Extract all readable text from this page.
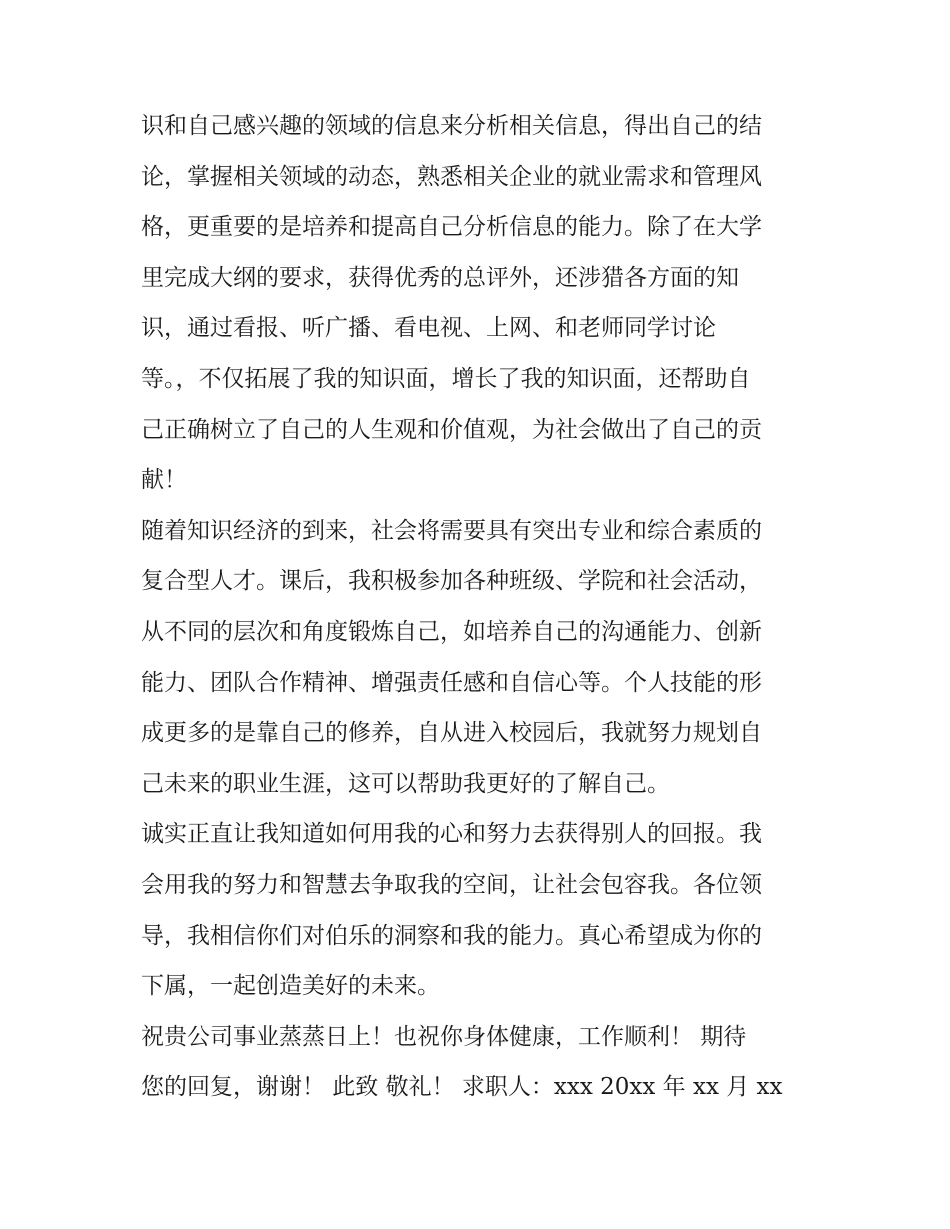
识和自己感兴趣的领域的信息来分析相关信息，得出自己的结
论，掌握相关领域的动态，熟悉相关企业的就业需求和管理风
格，更重要的是培养和提高自己分析信息的能力。除了在大学
里完成大纲的要求，获得优秀的总评外，还涉猎各方面的知
识，通过看报、听广播、看电视、上网、和老师同学讨论
等。，不仅拓展了我的知识面，增长了我的知识面，还帮助自
己正确树立了自己的人生观和价值观，为社会做出了自己的贡
献！
随着知识经济的到来，社会将需要具有突出专业和综合素质的
复合型人才。课后，我积极参加各种班级、学院和社会活动，
从不同的层次和角度锻炼自己，如培养自己的沟通能力、创新
能力、团队合作精神、增强责任感和自信心等。个人技能的形
成更多的是靠自己的修养，自从进入校园后，我就努力规划自
己未来的职业生涯，这可以帮助我更好的了解自己。
诚实正直让我知道如何用我的心和努力去获得别人的回报。我
会用我的努力和智慧去争取我的空间，让社会包容我。各位领
导，我相信你们对伯乐的洞察和我的能力。真心希望成为你的
下属，一起创造美好的未来。
祝贵公司事业蒸蒸日上！也祝你身体健康，工作顺利！ 期待
您的回复，谢谢！ 此致 敬礼！ 求职人：xxx 20xx 年 xx 月 xx
